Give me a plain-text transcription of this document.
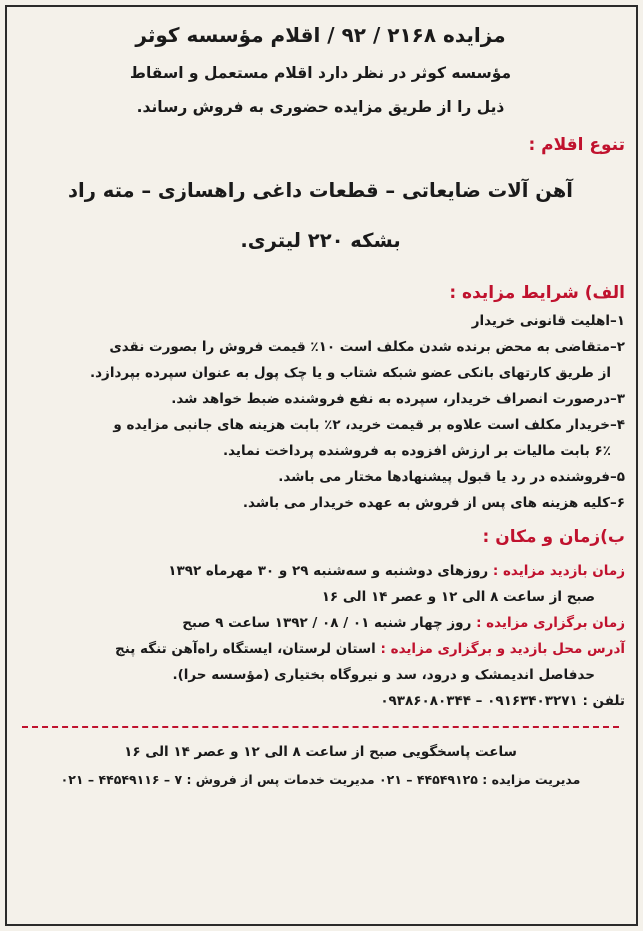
مزایده ۲۱۶۸ / ۹۲ / اقلام مؤسسه کوثر

مؤسسه کوثر در نظر دارد اقلام مستعمل و اسقاط

ذیل را از طریق مزایده حضوری به فروش رساند.

تنوع اقلام :

آهن آلات ضایعاتی – قطعات داغی راهسازی – مته راد

بشکه ۲۲۰ لیتری.

الف) شرایط مزایده :

۱–اهلیت قانونی خریدار

۲–متقاضی به محض برنده شدن مکلف است ۱۰٪ قیمت فروش را بصورت نقدی

از طریق کارتهای بانکی عضو شبکه شتاب و یا چک پول به عنوان سپرده بپردازد.

۳–درصورت انصراف خریدار، سپرده به نفع فروشنده ضبط خواهد شد.

۴–خریدار مکلف است علاوه بر قیمت خرید، ۲٪ بابت هزینه های جانبی مزایده و

۶٪ بابت مالیات بر ارزش افزوده به فروشنده پرداخت نماید.

۵–فروشنده در رد یا قبول پیشنهادها مختار می باشد.

۶–کلیه هزینه های پس از فروش به عهده خریدار می باشد.

ب)زمان و مکان :

زمان بازدید مزایده : روزهای دوشنبه و سه‌شنبه ۲۹ و ۳۰ مهرماه ۱۳۹۲

صبح از ساعت ۸ الی ۱۲ و عصر ۱۴ الی ۱۶

زمان برگزاری مزایده : روز چهار شنبه ۰۱ / ۰۸ / ۱۳۹۲ ساعت ۹ صبح

آدرس محل بازدید و برگزاری مزایده : استان لرستان، ایستگاه راه‌آهن تنگه پنج

حدفاصل اندیمشک و درود، سد و نیروگاه بختیاری (مؤسسه حرا).

تلفن : ۰۹۱۶۳۴۰۳۲۷۱ – ۰۹۳۸۶۰۸۰۳۴۴

ساعت پاسخگویی صبح از ساعت ۸ الی ۱۲ و عصر ۱۴ الی ۱۶

مدیریت مزایده : ۴۴۵۴۹۱۲۵ – ۰۲۱ مدیریت خدمات پس از فروش : ۷ – ۴۴۵۴۹۱۱۶ – ۰۲۱
